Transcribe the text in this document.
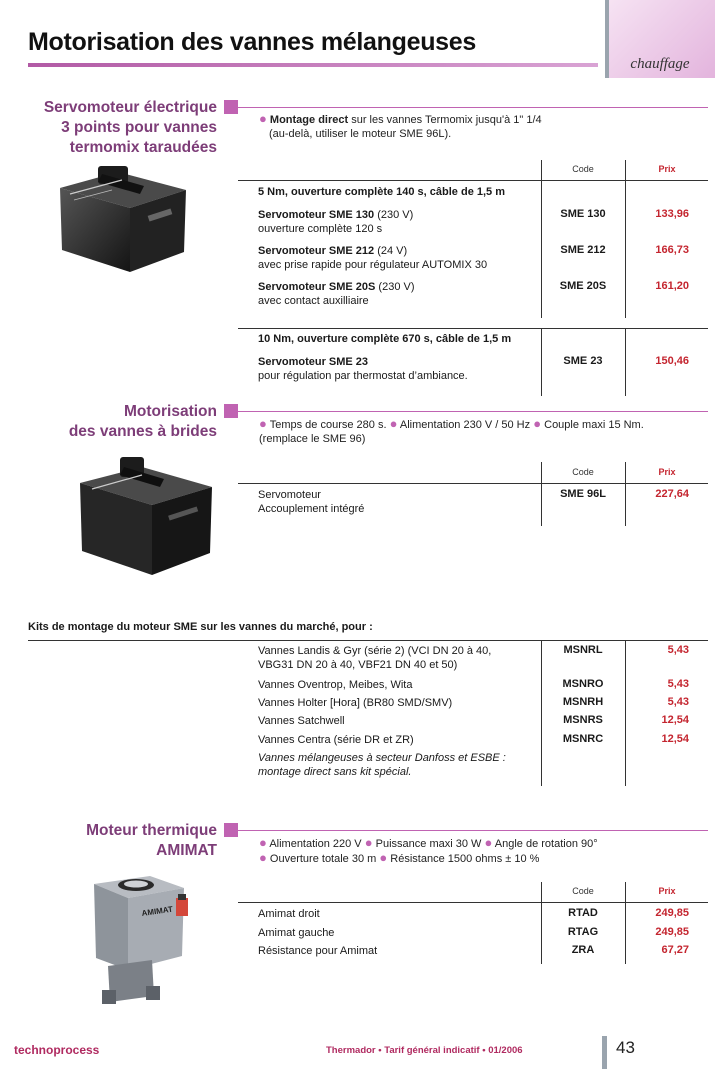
Motorisation des vannes mélangeuses
chauffage
Servomoteur électrique
3 points pour vannes
termomix taraudées
● Montage direct sur les vannes Termomix jusqu'à 1" 1/4
(au-delà, utiliser le moteur SME 96L).
Code	Prix
5 Nm, ouverture complète 140 s, câble de 1,5 m
Servomoteur SME 130 (230 V)
ouverture complète 120 s
SME 130	133,96
Servomoteur SME 212 (24 V)
avec prise rapide pour régulateur AUTOMIX 30
SME 212	166,73
Servomoteur SME 20S (230 V)
avec contact auxilliaire
SME 20S	161,20
10 Nm, ouverture complète 670 s, câble de 1,5 m
Servomoteur SME 23
pour régulation par thermostat d’ambiance.
SME 23	150,46
Motorisation
des vannes à brides	● Temps de course 280 s. ● Alimentation 230 V / 50 Hz ● Couple maxi 15 Nm.
(remplace le SME 96)
Code	Prix
Servomoteur
Accouplement intégré
SME 96L	227,64
Kits de montage du moteur SME sur les vannes du marché, pour :
Vannes Landis & Gyr (série 2) (VCI DN 20 à 40,
VBG31 DN 20 à 40, VBF21 DN 40 et 50)
MSNRL	5,43
Vannes Oventrop, Meibes, Wita	MSNRO	5,43
Vannes Holter [Hora] (BR80 SMD/SMV)	MSNRH	5,43
Vannes Satchwell	MSNRS	12,54
Vannes Centra (série DR et ZR)	MSNRC	12,54
Vannes mélangeuses à secteur Danfoss et ESBE :
montage direct sans kit spécial.
Moteur thermique
AMIMAT	● Alimentation 220 V ● Puissance maxi 30 W ● Angle de rotation 90°
● Ouverture totale 30 m ● Résistance 1500 ohms ± 10 %
AMIMAT
Code	Prix
Amimat droit	RTAD	249,85
Amimat gauche	RTAG	249,85
Résistance pour Amimat	ZRA	67,27
technoprocess	Thermador • Tarif général indicatif • 01/2006	43
